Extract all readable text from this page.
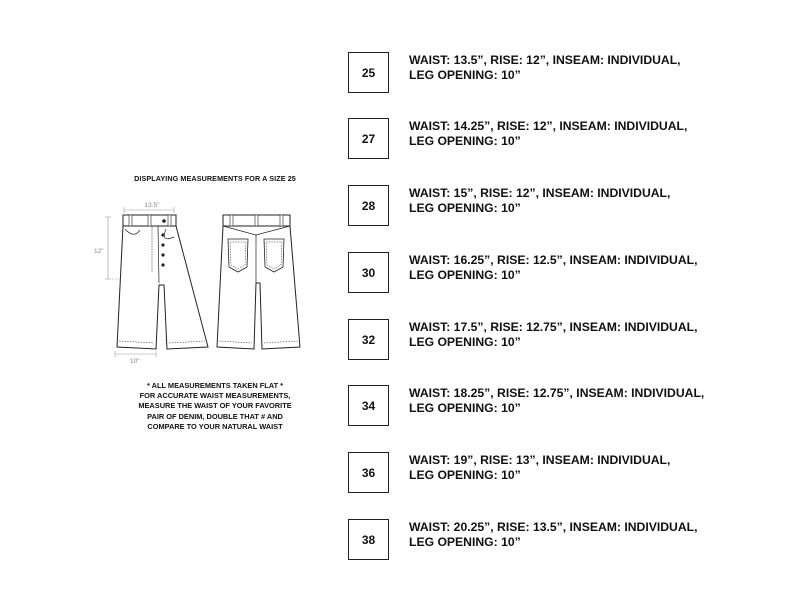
DISPLAYING MEASUREMENTS FOR A SIZE 25
13.5"
12"
10"
* ALL MEASUREMENTS TAKEN FLAT *
FOR ACCURATE WAIST MEASUREMENTS,
MEASURE THE WAIST OF YOUR FAVORITE
PAIR OF DENIM, DOUBLE THAT # AND
COMPARE TO YOUR NATURAL WAIST
25
WAIST: 13.5”, RISE: 12”, INSEAM: INDIVIDUAL,
LEG OPENING: 10”
27
WAIST: 14.25”, RISE: 12”, INSEAM: INDIVIDUAL,
LEG OPENING: 10”
28
WAIST: 15”, RISE: 12”, INSEAM: INDIVIDUAL,
LEG OPENING: 10”
30
WAIST: 16.25”, RISE: 12.5”, INSEAM: INDIVIDUAL,
LEG OPENING: 10”
32
WAIST: 17.5”, RISE: 12.75”, INSEAM: INDIVIDUAL,
LEG OPENING: 10”
34
WAIST: 18.25”, RISE: 12.75”, INSEAM: INDIVIDUAL,
LEG OPENING: 10”
36
WAIST: 19”, RISE: 13”, INSEAM: INDIVIDUAL,
LEG OPENING: 10”
38
WAIST: 20.25”, RISE: 13.5”, INSEAM: INDIVIDUAL,
LEG OPENING: 10”
